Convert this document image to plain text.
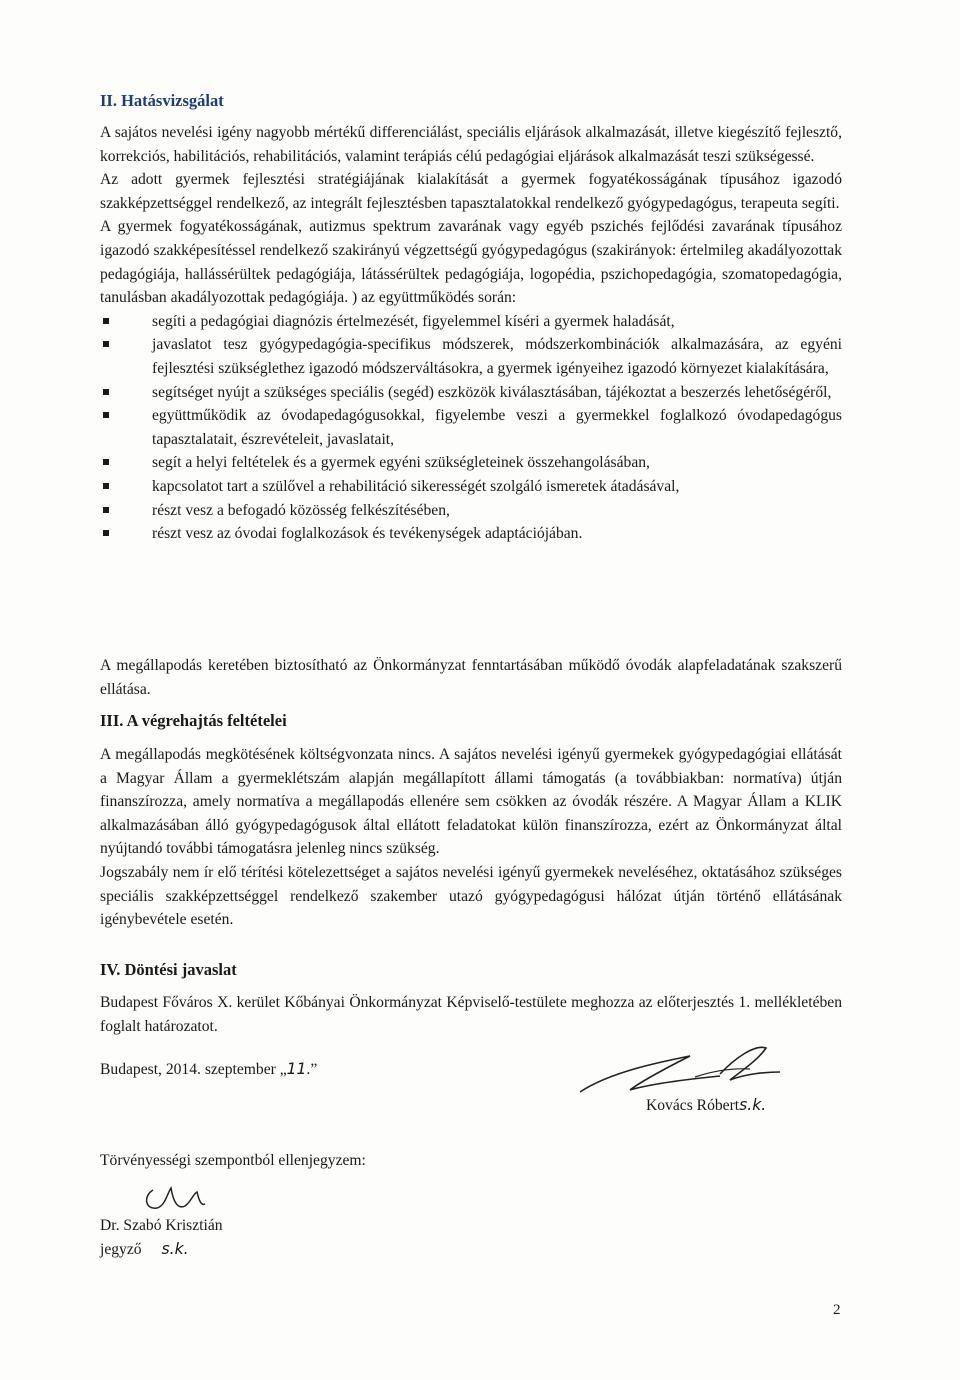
II. Hatásvizsgálat

A sajátos nevelési igény nagyobb mértékű differenciálást, speciális eljárások alkalmazását, illetve kiegészítő fejlesztő, korrekciós, habilitációs, rehabilitációs, valamint terápiás célú pedagógiai eljárások alkalmazását teszi szükségessé.

Az adott gyermek fejlesztési stratégiájának kialakítását a gyermek fogyatékosságának típusához igazodó szakképzettséggel rendelkező, az integrált fejlesztésben tapasztalatokkal rendelkező gyógypedagógus, terapeuta segíti.

A gyermek fogyatékosságának, autizmus spektrum zavarának vagy egyéb pszichés fejlődési zavarának típusához igazodó szakképesítéssel rendelkező szakirányú végzettségű gyógypedagógus (szakirányok: értelmileg akadályozottak pedagógiája, hallássérültek pedagógiája, látássérültek pedagógiája, logopédia, pszichopedagógia, szomatopedagógia, tanulásban akadályozottak pedagógiája. ) az együttműködés során:

segíti a pedagógiai diagnózis értelmezését, figyelemmel kíséri a gyermek haladását,

javaslatot tesz gyógypedagógia-specifikus módszerek, módszerkombinációk alkalmazására, az egyéni fejlesztési szükséglethez igazodó módszerváltásokra, a gyermek igényeihez igazodó környezet kialakítására,

segítséget nyújt a szükséges speciális (segéd) eszközök kiválasztásában, tájékoztat a beszerzés lehetőségéről,

együttműködik az óvodapedagógusokkal, figyelembe veszi a gyermekkel foglalkozó óvodapedagógus tapasztalatait, észrevételeit, javaslatait,

segít a helyi feltételek és a gyermek egyéni szükségleteinek összehangolásában,

kapcsolatot tart a szülővel a rehabilitáció sikerességét szolgáló ismeretek átadásával,

részt vesz a befogadó közösség felkészítésében,

részt vesz az óvodai foglalkozások és tevékenységek adaptációjában.

A megállapodás keretében biztosítható az Önkormányzat fenntartásában működő óvodák alapfeladatának szakszerű ellátása.

III. A végrehajtás feltételei

A megállapodás megkötésének költségvonzata nincs. A sajátos nevelési igényű gyermekek gyógypedagógiai ellátását a Magyar Állam a gyermeklétszám alapján megállapított állami támogatás (a továbbiakban: normatíva) útján finanszírozza, amely normatíva a megállapodás ellenére sem csökken az óvodák részére. A Magyar Állam a KLIK alkalmazásában álló gyógypedagógusok által ellátott feladatokat külön finanszírozza, ezért az Önkormányzat által nyújtandó további támogatásra jelenleg nincs szükség.

Jogszabály nem ír elő térítési kötelezettséget a sajátos nevelési igényű gyermekek neveléséhez, oktatásához szükséges speciális szakképzettséggel rendelkező szakember utazó gyógypedagógusi hálózat útján történő ellátásának igénybevétele esetén.

IV. Döntési javaslat

Budapest Főváros X. kerület Kőbányai Önkormányzat Képviselő-testülete meghozza az előterjesztés 1. mellékletében foglalt határozatot.

Budapest, 2014. szeptember „11.”
Kovács Róberts.k.
Törvényességi szempontból ellenjegyzem:
Dr. Szabó Krisztián
jegyző s.k.
2
